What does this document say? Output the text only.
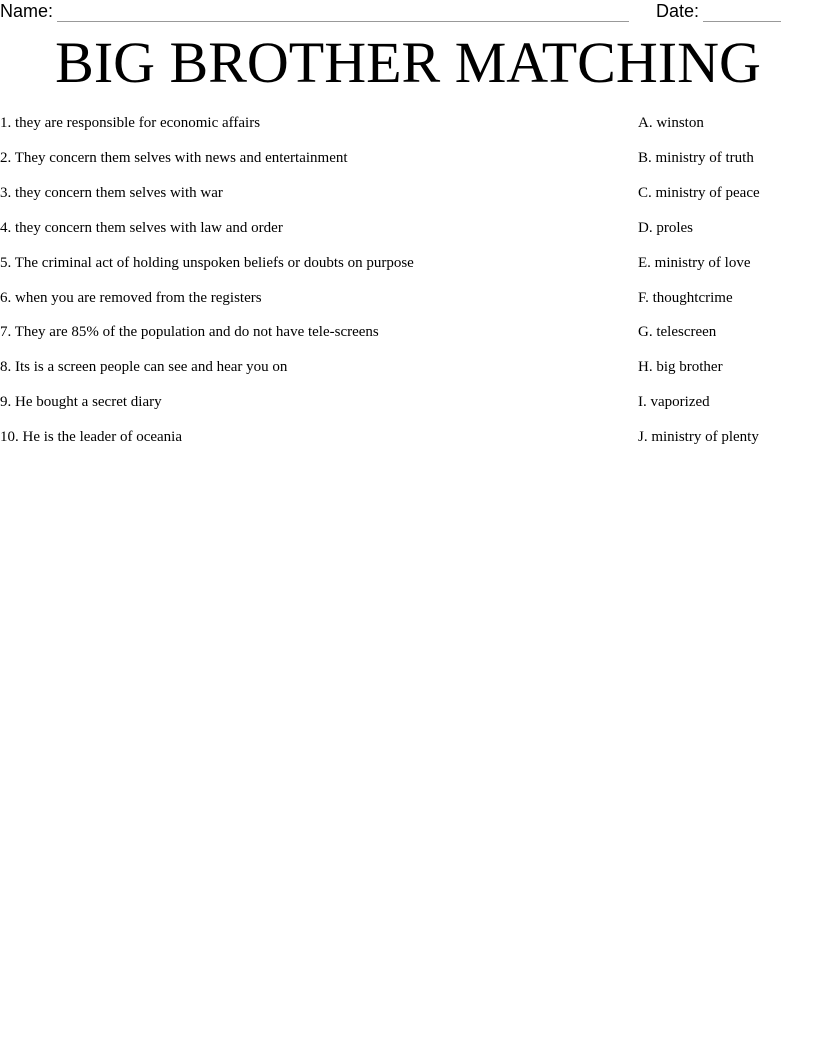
Name:	Date:
BIG BROTHER MATCHING
1. they are responsible for economic affairs	A. winston
2. They concern them selves with news and entertainment	B. ministry of truth
3. they concern them selves with war	C. ministry of peace
4. they concern them selves with law and order	D. proles
5. The criminal act of holding unspoken beliefs or doubts on purpose	E. ministry of love
6. when you are removed from the registers	F. thoughtcrime
7. They are 85% of the population and do not have tele-screens	G. telescreen
8. Its is a screen people can see and hear you on	H. big brother
9. He bought a secret diary	I. vaporized
10. He is the leader of oceania	J. ministry of plenty
